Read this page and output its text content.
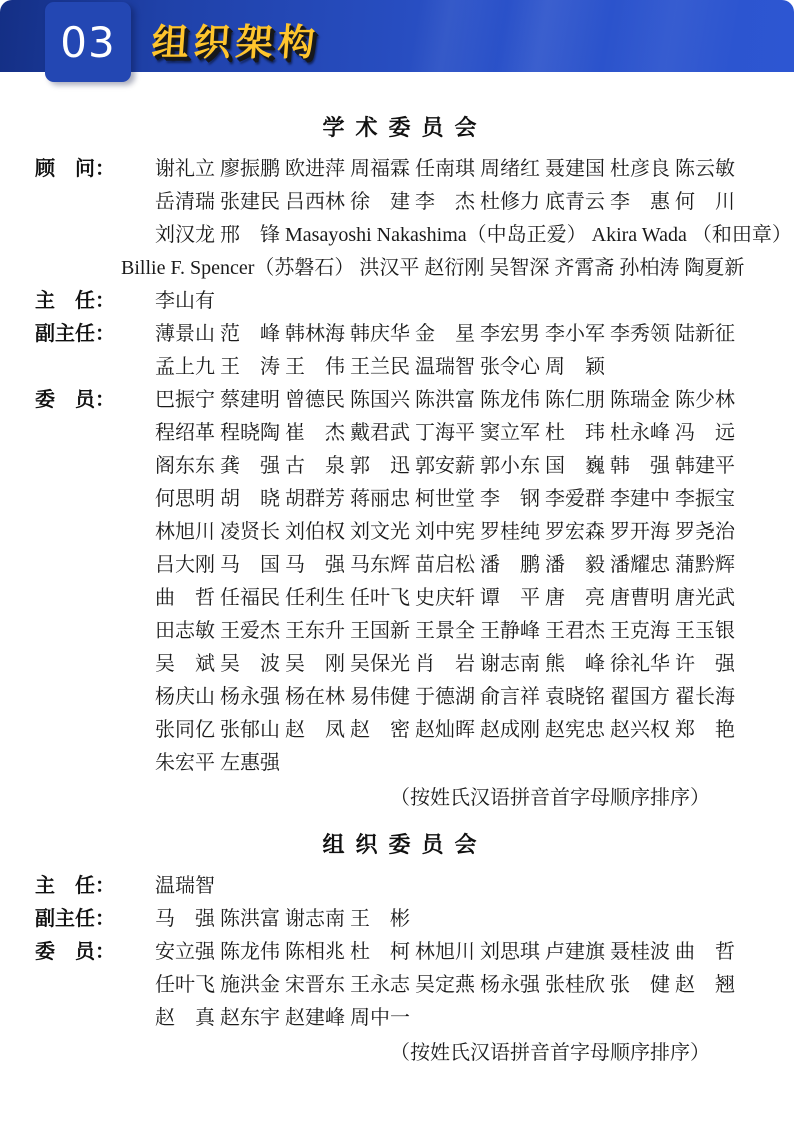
03 组织架构
学术委员会
顾　问：	谢礼立 廖振鹏 欧进萍 周福霖 任南琪 周绪红 聂建国 杜彦良 陈云敏
岳清瑞 张建民 吕西林 徐　建 李　杰 杜修力 底青云 李　惠 何　川
刘汉龙 邢　锋 Masayoshi Nakashima（中岛正爱） Akira Wada （和田章）
Billie F. Spencer（苏磐石） 洪汉平 赵衍刚 吴智深 齐霄斋 孙柏涛 陶夏新
主　任：	李山有
副主任：	薄景山 范　峰 韩林海 韩庆华 金　星 李宏男 李小军 李秀领 陆新征
孟上九 王　涛 王　伟 王兰民 温瑞智 张令心 周　颖
委　员：	巴振宁 蔡建明 曾德民 陈国兴 陈洪富 陈龙伟 陈仁朋 陈瑞金 陈少林
程绍革 程晓陶 崔　杰 戴君武 丁海平 窦立军 杜　玮 杜永峰 冯　远
阁东东 龚　强 古　泉 郭　迅 郭安薪 郭小东 国　巍 韩　强 韩建平
何思明 胡　晓 胡群芳 蒋丽忠 柯世堂 李　钢 李爱群 李建中 李振宝
林旭川 凌贤长 刘伯权 刘文光 刘中宪 罗桂纯 罗宏森 罗开海 罗尧治
吕大刚 马　国 马　强 马东辉 苗启松 潘　鹏 潘　毅 潘耀忠 蒲黔辉
曲　哲 任福民 任利生 任叶飞 史庆轩 谭　平 唐　亮 唐曹明 唐光武
田志敏 王爱杰 王东升 王国新 王景全 王静峰 王君杰 王克海 王玉银
吴　斌 吴　波 吴　刚 吴保光 肖　岩 谢志南 熊　峰 徐礼华 许　强
杨庆山 杨永强 杨在林 易伟健 于德湖 俞言祥 袁晓铭 翟国方 翟长海
张同亿 张郁山 赵　凤 赵　密 赵灿晖 赵成刚 赵宪忠 赵兴权 郑　艳
朱宏平 左惠强

（按姓氏汉语拼音首字母顺序排序）

组织委员会
主　任：	温瑞智
副主任：	马　强 陈洪富 谢志南 王　彬
委　员：	安立强 陈龙伟 陈相兆 杜　柯 林旭川 刘思琪 卢建旗 聂桂波 曲　哲
任叶飞 施洪金 宋晋东 王永志 吴定燕 杨永强 张桂欣 张　健 赵　翘
赵　真 赵东宇 赵建峰 周中一

（按姓氏汉语拼音首字母顺序排序）
